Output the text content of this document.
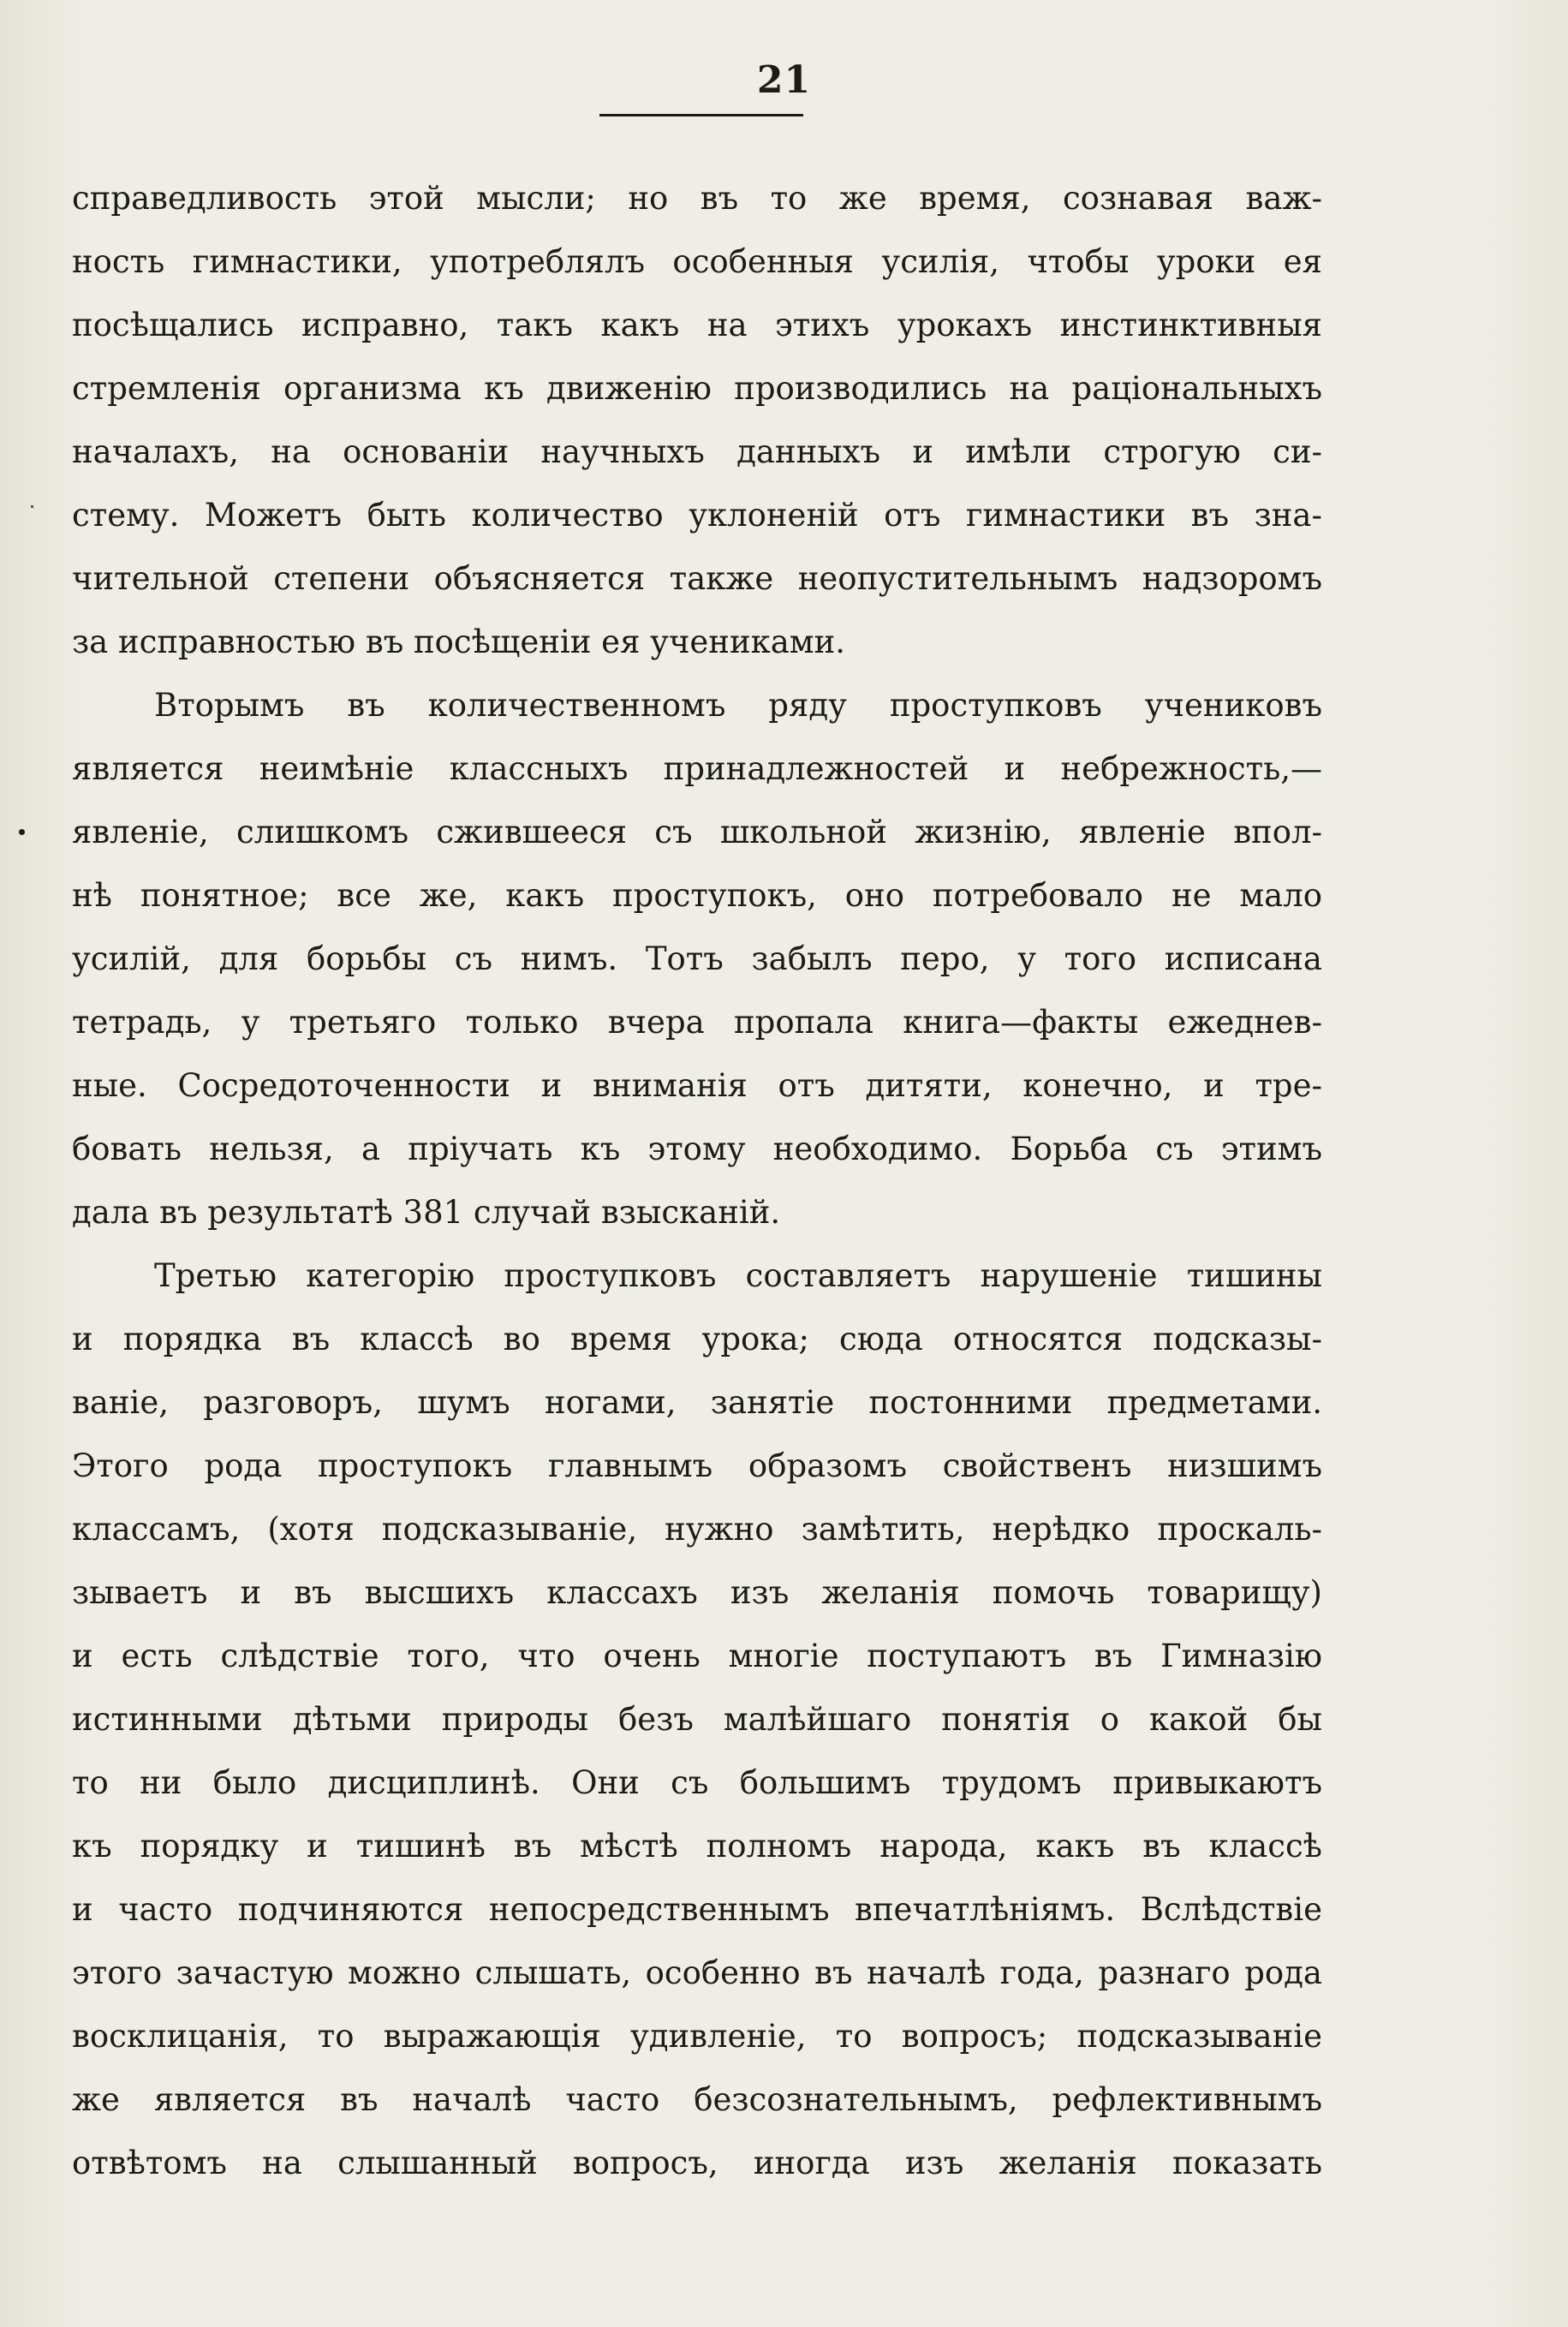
21
справедливость этой мысли; но въ то же время, сознавая важ-
ность гимнастики, употреблялъ особенныя усилія, чтобы уроки ея
посѣщались исправно, такъ какъ на этихъ урокахъ инстинктивныя
стремленія организма къ движенію производились на раціональныхъ
началахъ, на основаніи научныхъ данныхъ и имѣли строгую си-
стему. Можетъ быть количество уклоненій отъ гимнастики въ зна-
чительной степени объясняется также неопустительнымъ надзоромъ
за исправностью въ посѣщеніи ея учениками.
Вторымъ въ количественномъ ряду проступковъ учениковъ
является неимѣніе классныхъ принадлежностей и небрежность,—
явленіе, слишкомъ сжившееся съ школьной жизнію, явленіе впол-
нѣ понятное; все же, какъ проступокъ, оно потребовало не мало
усилій, для борьбы съ нимъ. Тотъ забылъ перо, у того исписана
тетрадь, у третьяго только вчера пропала книга—факты ежеднев-
ные. Сосредоточенности и вниманія отъ дитяти, конечно, и тре-
бовать нельзя, а пріучать къ этому необходимо. Борьба съ этимъ
дала въ результатѣ 381 случай взысканій.
Третью категорію проступковъ составляетъ нарушеніе тишины
и порядка въ классѣ во время урока; сюда относятся подсказы-
ваніе, разговоръ, шумъ ногами, занятіе постонними предметами.
Этого рода проступокъ главнымъ образомъ свойственъ низшимъ
классамъ, (хотя подсказываніе, нужно замѣтить, нерѣдко проскаль-
зываетъ и въ высшихъ классахъ изъ желанія помочь товарищу)
и есть слѣдствіе того, что очень многіе поступаютъ въ Гимназію
истинными дѣтьми природы безъ малѣйшаго понятія о какой бы
то ни было дисциплинѣ. Они съ большимъ трудомъ привыкаютъ
къ порядку и тишинѣ въ мѣстѣ полномъ народа, какъ въ классѣ
и часто подчиняются непосредственнымъ впечатлѣніямъ. Вслѣдствіе
этого зачастую можно слышать, особенно въ началѣ года, разнаго рода
восклицанія, то выражающія удивленіе, то вопросъ; подсказываніе
же является въ началѣ часто безсознательнымъ, рефлективнымъ
отвѣтомъ на слышанный вопросъ, иногда изъ желанія показать
